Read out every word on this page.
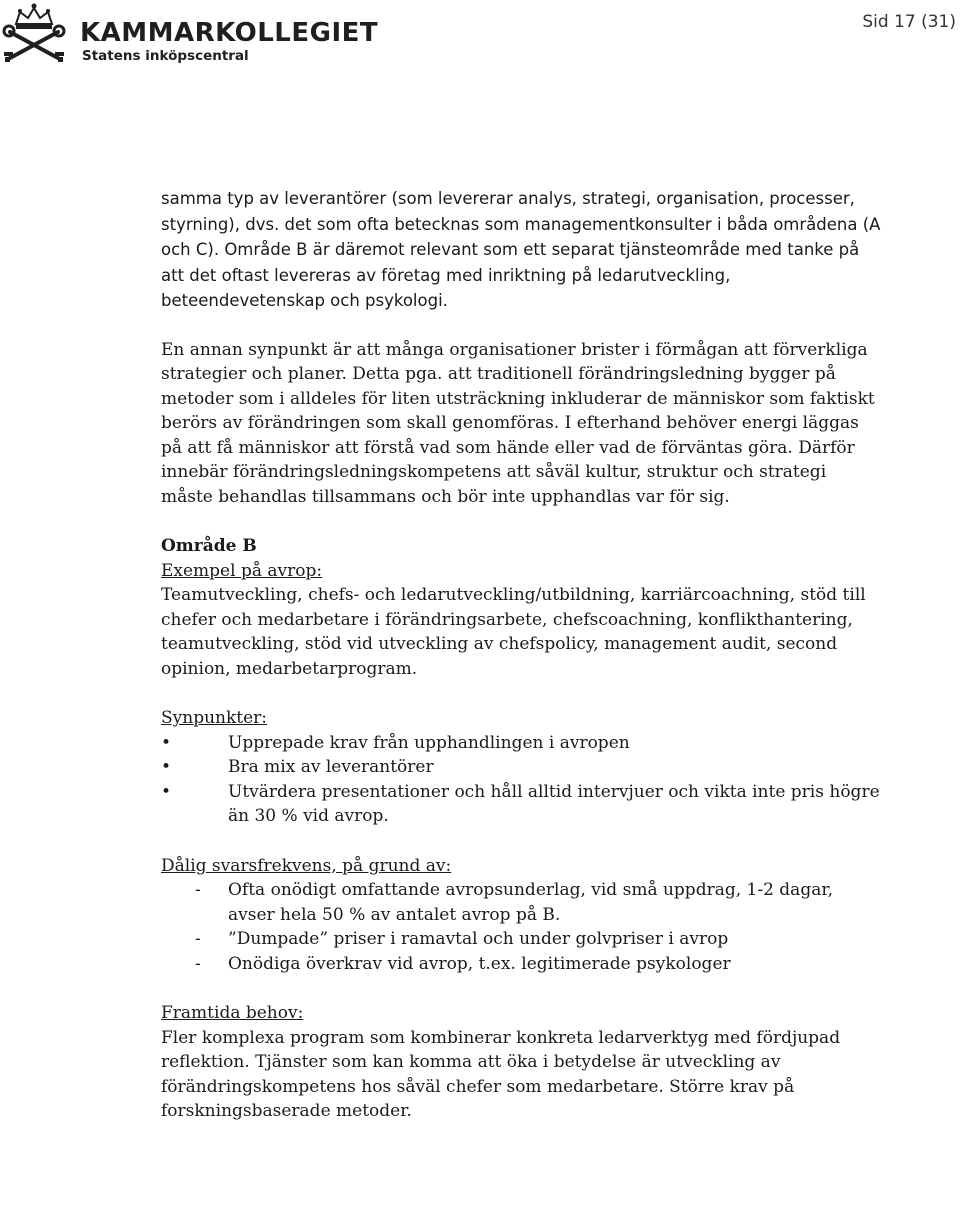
KAMMARKOLLEGIET
Statens inköpscentral
Sid 17 (31)

samma typ av leverantörer (som levererar analys, strategi, organisation, processer, styrning), dvs. det som ofta betecknas som managementkonsulter i båda områdena (A och C). Område B är däremot relevant som ett separat tjänsteområde med tanke på att det oftast levereras av företag med inriktning på ledarutveckling, beteendevetenskap och psykologi.

En annan synpunkt är att många organisationer brister i förmågan att förverkliga strategier och planer. Detta pga. att traditionell förändringsledning bygger på metoder som i alldeles för liten utsträckning inkluderar de människor som faktiskt berörs av förändringen som skall genomföras. I efterhand behöver energi läggas på att få människor att förstå vad som hände eller vad de förväntas göra. Därför innebär förändringsledningskompetens att såväl kultur, struktur och strategi måste behandlas tillsammans och bör inte upphandlas var för sig.

Område B

Exempel på avrop:

Teamutveckling, chefs- och ledarutveckling/utbildning, karriärcoachning, stöd till chefer och medarbetare i förändringsarbete, chefscoachning, konflikthantering, teamutveckling, stöd vid utveckling av chefspolicy, management audit, second opinion, medarbetarprogram.

Synpunkter:

•	Upprepade krav från upphandlingen i avropen
•	Bra mix av leverantörer
•	Utvärdera presentationer och håll alltid intervjuer och vikta inte pris högre än 30 % vid avrop.

Dålig svarsfrekvens, på grund av:

- Ofta onödigt omfattande avropsunderlag, vid små uppdrag, 1-2 dagar, avser hela 50 % av antalet avrop på B.
- ”Dumpade” priser i ramavtal och under golvpriser i avrop
- Onödiga överkrav vid avrop, t.ex. legitimerade psykologer

Framtida behov:

Fler komplexa program som kombinerar konkreta ledarverktyg med fördjupad reflektion. Tjänster som kan komma att öka i betydelse är utveckling av förändringskompetens hos såväl chefer som medarbetare. Större krav på forskningsbaserade metoder.
